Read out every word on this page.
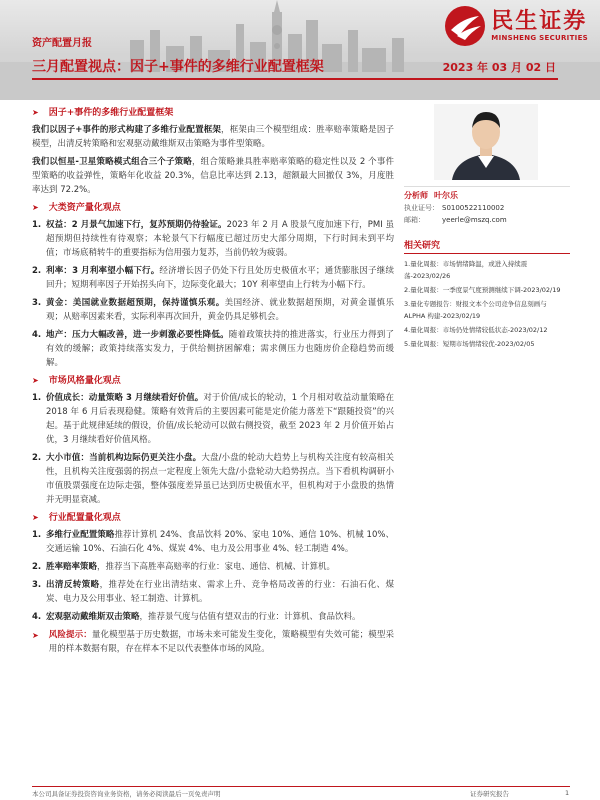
民生证券
MINSHENG SECURITIES
资产配置月报
三月配置视点：因子+事件的多维行业配置框架	2023 年 03 月 02 日
➤ 因子+事件的多维行业配置框架
我们以因子+事件的形式构建了多维行业配置框架，框架由三个模型组成：胜率赔率策略是因子模型，出清反转策略和宏观驱动戴维斯双击策略为事件型策略。
我们以恒星-卫星策略模式组合三个子策略，组合策略兼具胜率赔率策略的稳定性以及 2 个事件型策略的收益弹性，策略年化收益 20.3%，信息比率达到 2.13，超额最大回撤仅 3%，月度胜率达到 72.2%。
➤ 大类资产量化观点
1. 权益：2 月景气加速下行，复苏预期仍待验证。2023 年 2 月 A 股景气度加速下行，PMI 虽超预期但持续性有待观察；本轮景气下行幅度已超过历史大部分周期，下行时间未到平均值；市场底稍转牛的重要指标为信用强力复苏，当前仍较为疲弱。
2. 利率：3 月利率望小幅下行。经济增长因子仍处下行且处历史极值水平；通货膨胀因子继续回升；短期利率因子开始拐头向下，边际变化最大；10Y 利率望由上行转为小幅下行。
3. 黄金：美国就业数据超预期，保持谨慎乐观。美国经济、就业数据超预期，对黄金谨慎乐观；从赔率因素来看，实际利率再次回升，黄金仍具足够机会。
4. 地产：压力大幅改善，进一步刺激必要性降低。随着政策扶持的推进落实，行业压力得到了有效的缓解；政策持续落实发力，于供给侧挤困解难；需求侧压力也随房价企稳趋势而缓解。
➤ 市场风格量化观点
1. 价值成长：动量策略 3 月继续看好价值。对于价值/成长的轮动，1 个月相对收益动量策略在 2018 年 6 月后表现稳健。策略有效背后的主要因素可能是定价能力落差下“跟随投资”的兴起。基于此规律延续的假设，价值/成长轮动可以做右侧投资，截至 2023 年 2 月价值开始占优，3 月继续看好价值风格。
2. 大小市值：当前机构边际仍更关注小盘。大盘/小盘的轮动大趋势上与机构关注度有较高相关性，且机构关注度强弱的拐点一定程度上领先大盘/小盘轮动大趋势拐点。当下看机构调研小市值股票强度在边际走强，整体强度差异虽已达到历史极值水平，但机构对于小盘股的热情并无明显衰减。
➤ 行业配置量化观点
1. 多维行业配置策略推荐计算机 24%、食品饮料 20%、家电 10%、通信 10%、机械 10%、交通运输 10%、石油石化 4%、煤炭 4%、电力及公用事业 4%、轻工制造 4%。
2. 胜率赔率策略，推荐当下高胜率高赔率的行业：家电、通信、机械、计算机。
3. 出清反转策略，推荐处在行业出清结束、需求上升、竞争格局改善的行业：石油石化、煤炭、电力及公用事业、轻工制造、计算机。
4. 宏观驱动戴维斯双击策略，推荐景气度与估值有望双击的行业：计算机、食品饮料。
➤ 风险提示：量化模型基于历史数据，市场未来可能发生变化，策略模型有失效可能；模型采用的样本数据有限，存在样本不足以代表整体市场的风险。
分析师 叶尔乐
执业证号： S0100522110002
邮箱： yeerle@mszq.com
相关研究
1.量化周报：市场情绪降温，或进入持续震荡-2023/02/26
2.量化周报：一季度景气度预测继续下调-2023/02/19
3.量化专题报告：财报文本个公司竞争信息刻画与 ALPHA 构建-2023/02/19
4.量化周报：市场仍处情绪较低状态-2023/02/12
5.量化周报：短期市场情绪较优-2023/02/05
本公司具备证券投资咨询业务资格，请务必阅读最后一页免责声明	证券研究报告	1
